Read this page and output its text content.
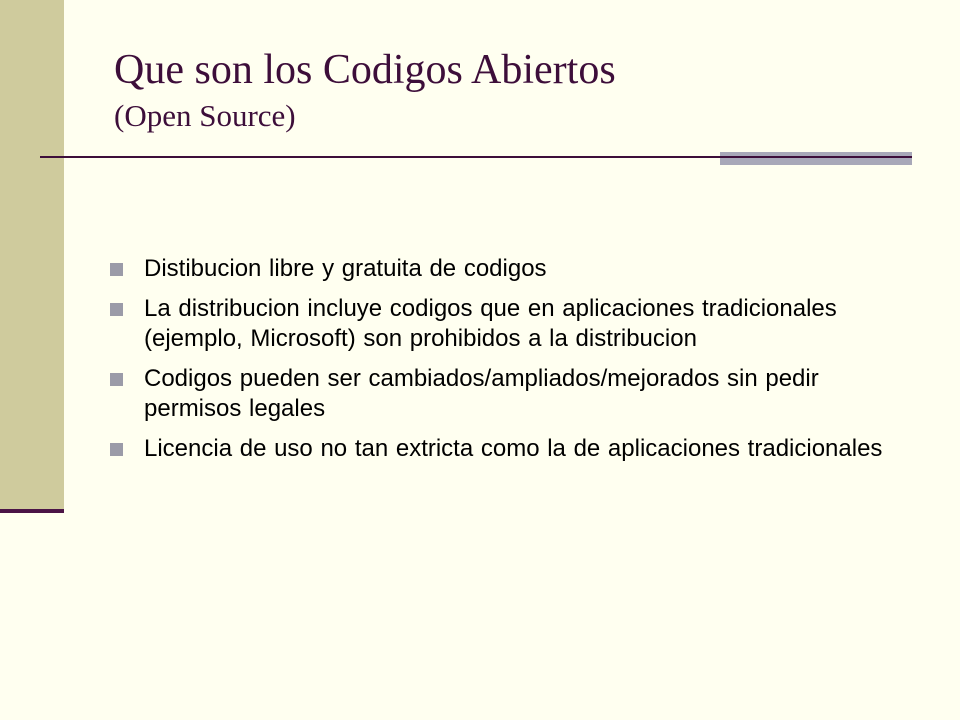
Que son los Codigos Abiertos
(Open Source)
Distibucion libre y gratuita de codigos
La distribucion incluye codigos que en aplicaciones tradicionales (ejemplo, Microsoft) son prohibidos a la distribucion
Codigos pueden ser cambiados/ampliados/mejorados sin pedir permisos legales
Licencia de uso no tan extricta como la de aplicaciones tradicionales
